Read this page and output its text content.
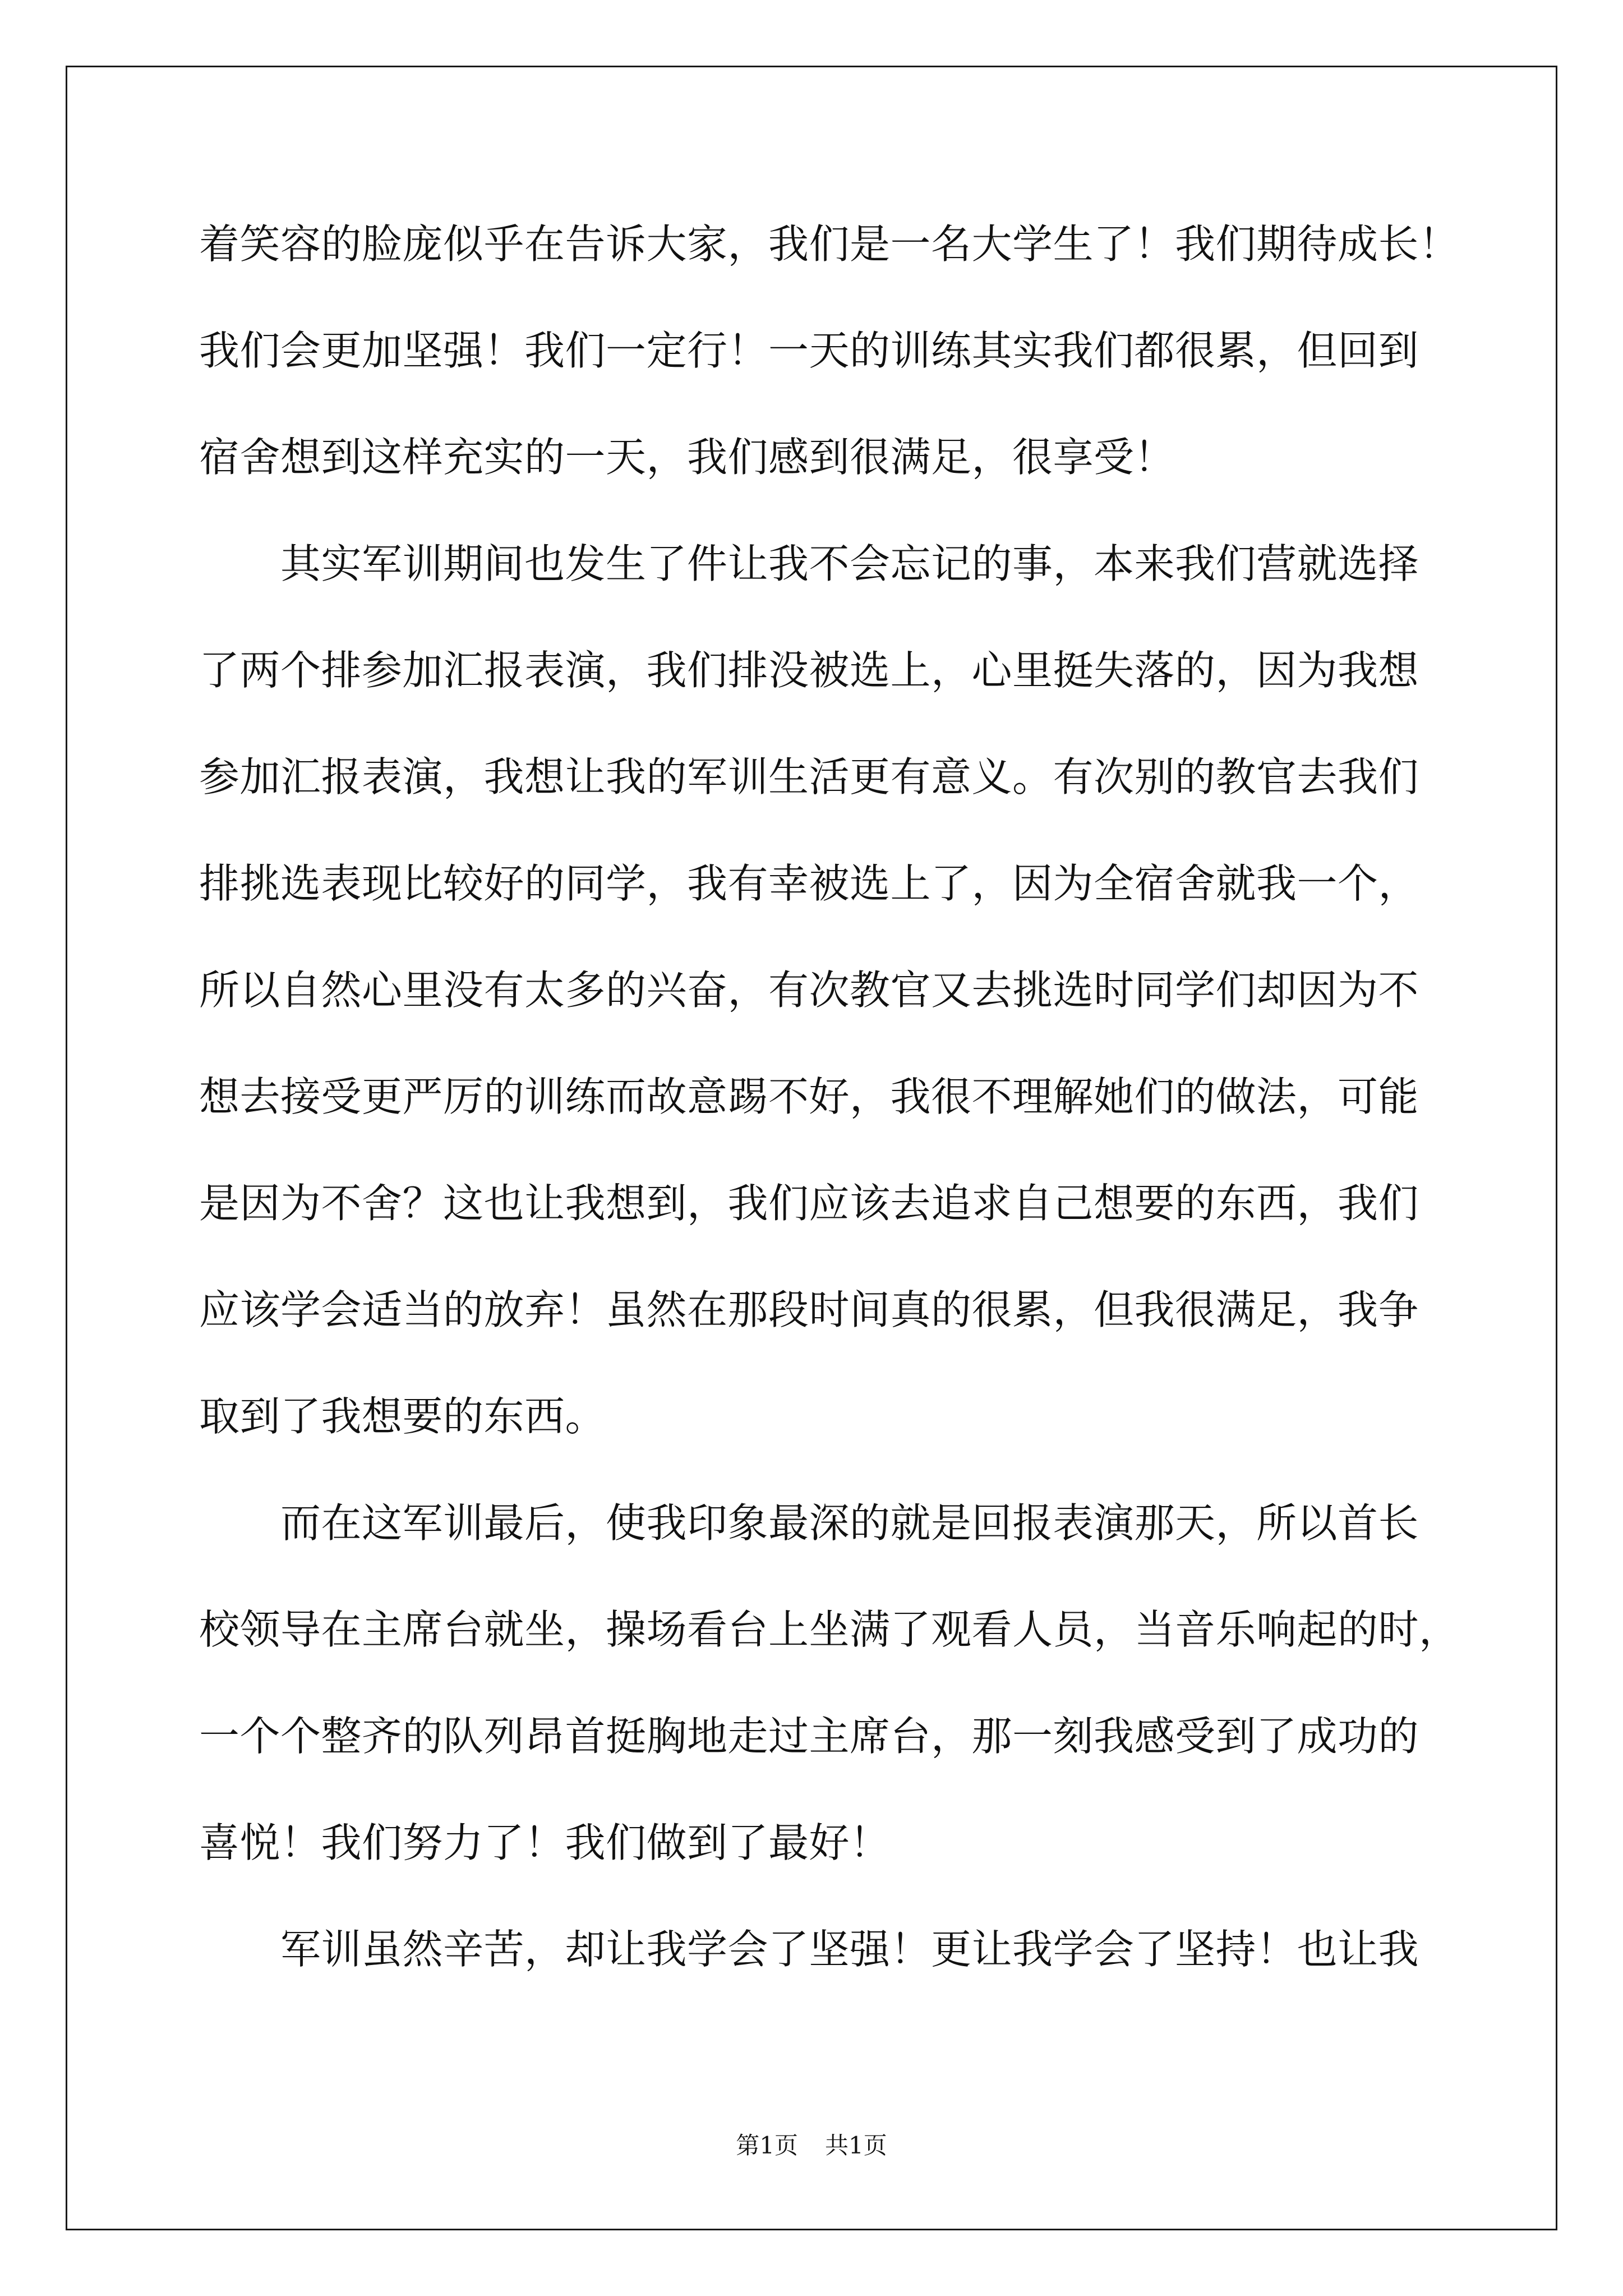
着笑容的脸庞似乎在告诉大家，我们是一名大学生了！我们期待成长！
我们会更加坚强！我们一定行！一天的训练其实我们都很累，但回到
宿舍想到这样充实的一天，我们感到很满足，很享受！
其实军训期间也发生了件让我不会忘记的事，本来我们营就选择
了两个排参加汇报表演，我们排没被选上，心里挺失落的，因为我想
参加汇报表演，我想让我的军训生活更有意义。有次别的教官去我们
排挑选表现比较好的同学，我有幸被选上了，因为全宿舍就我一个，
所以自然心里没有太多的兴奋，有次教官又去挑选时同学们却因为不
想去接受更严厉的训练而故意踢不好，我很不理解她们的做法，可能
是因为不舍？这也让我想到，我们应该去追求自己想要的东西，我们
应该学会适当的放弃！虽然在那段时间真的很累，但我很满足，我争
取到了我想要的东西。
而在这军训最后，使我印象最深的就是回报表演那天，所以首长
校领导在主席台就坐，操场看台上坐满了观看人员，当音乐响起的时，
一个个整齐的队列昂首挺胸地走过主席台，那一刻我感受到了成功的
喜悦！我们努力了！我们做到了最好！
军训虽然辛苦，却让我学会了坚强！更让我学会了坚持！也让我
第1页 共1页
